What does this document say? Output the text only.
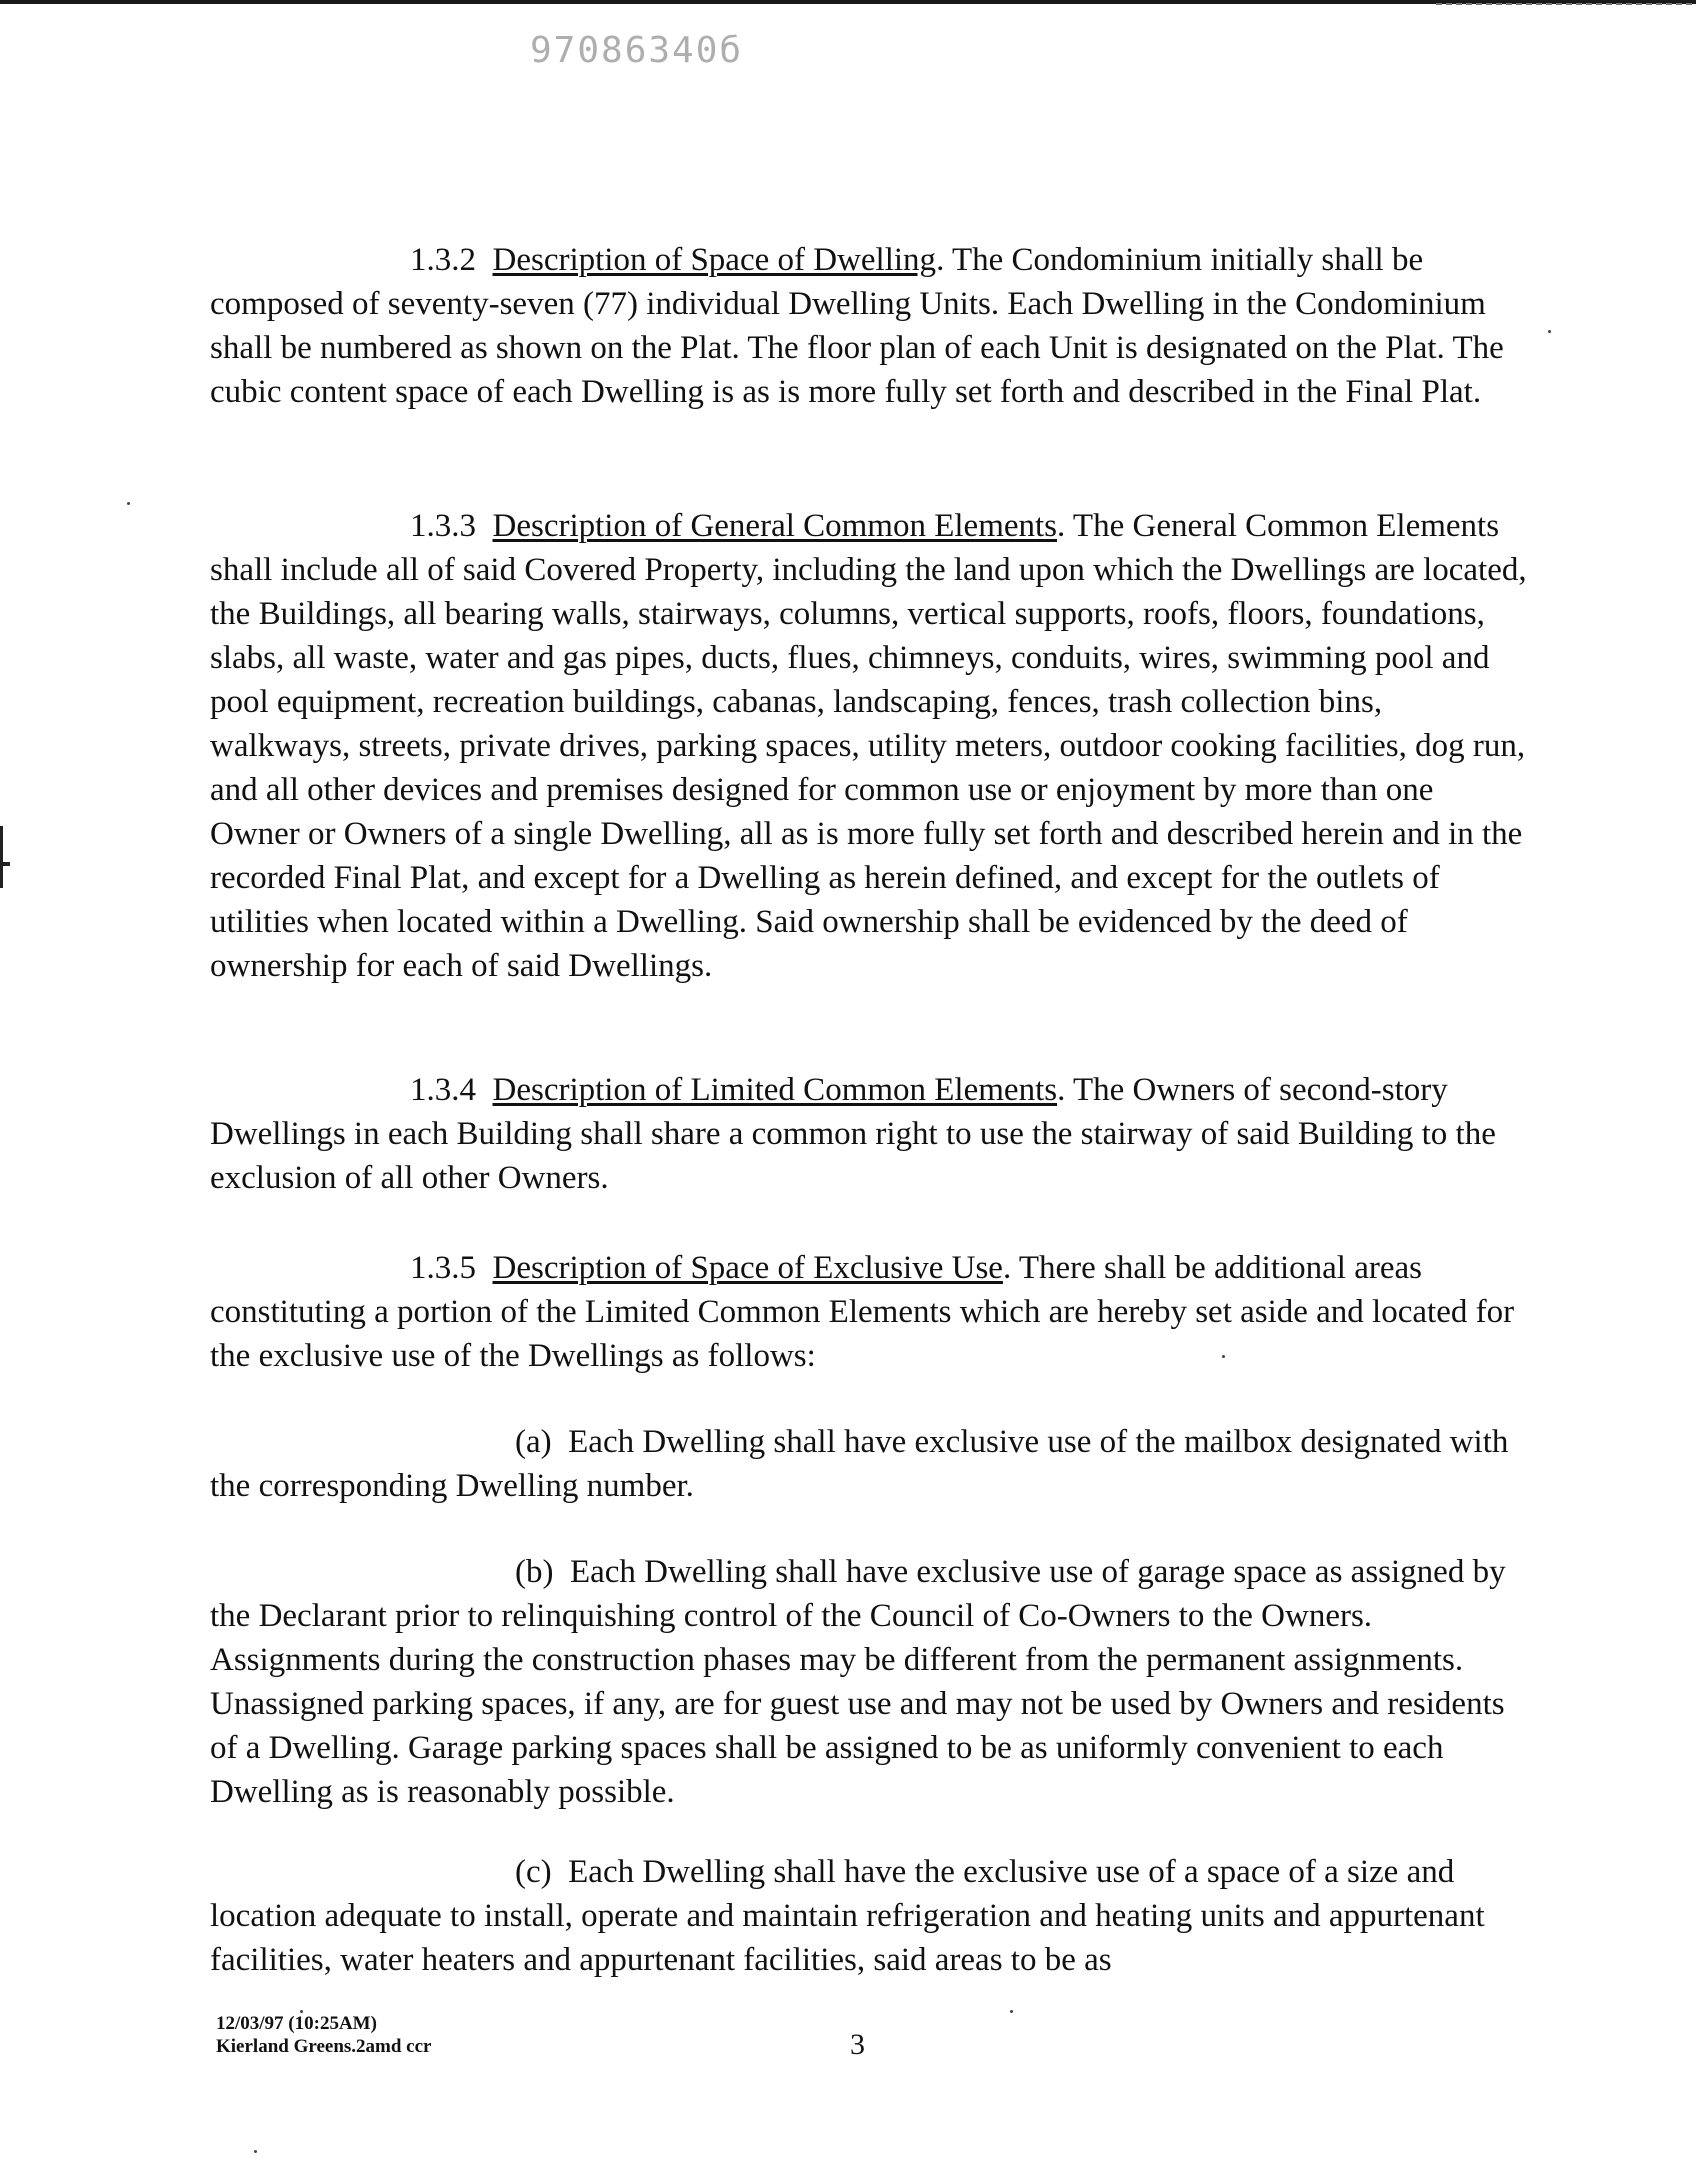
97086340б

1.3.2 Description of Space of Dwelling. The Condominium initially shall be composed of seventy-seven (77) individual Dwelling Units. Each Dwelling in the Condominium shall be numbered as shown on the Plat. The floor plan of each Unit is designated on the Plat. The cubic content space of each Dwelling is as is more fully set forth and described in the Final Plat.

1.3.3 Description of General Common Elements. The General Common Elements shall include all of said Covered Property, including the land upon which the Dwellings are located, the Buildings, all bearing walls, stairways, columns, vertical supports, roofs, floors, foundations, slabs, all waste, water and gas pipes, ducts, flues, chimneys, conduits, wires, swimming pool and pool equipment, recreation buildings, cabanas, landscaping, fences, trash collection bins, walkways, streets, private drives, parking spaces, utility meters, outdoor cooking facilities, dog run, and all other devices and premises designed for common use or enjoyment by more than one Owner or Owners of a single Dwelling, all as is more fully set forth and described herein and in the recorded Final Plat, and except for a Dwelling as herein defined, and except for the outlets of utilities when located within a Dwelling. Said ownership shall be evidenced by the deed of ownership for each of said Dwellings.

1.3.4 Description of Limited Common Elements. The Owners of second-story Dwellings in each Building shall share a common right to use the stairway of said Building to the exclusion of all other Owners.

1.3.5 Description of Space of Exclusive Use. There shall be additional areas constituting a portion of the Limited Common Elements which are hereby set aside and located for the exclusive use of the Dwellings as follows:

(a) Each Dwelling shall have exclusive use of the mailbox designated with the corresponding Dwelling number.

(b) Each Dwelling shall have exclusive use of garage space as assigned by the Declarant prior to relinquishing control of the Council of Co-Owners to the Owners. Assignments during the construction phases may be different from the permanent assignments. Unassigned parking spaces, if any, are for guest use and may not be used by Owners and residents of a Dwelling. Garage parking spaces shall be assigned to be as uniformly convenient to each Dwelling as is reasonably possible.

(c) Each Dwelling shall have the exclusive use of a space of a size and location adequate to install, operate and maintain refrigeration and heating units and appurtenant facilities, water heaters and appurtenant facilities, said areas to be as

12/03/97 (10:25AM)
Kierland Greens.2amd ccr	3
